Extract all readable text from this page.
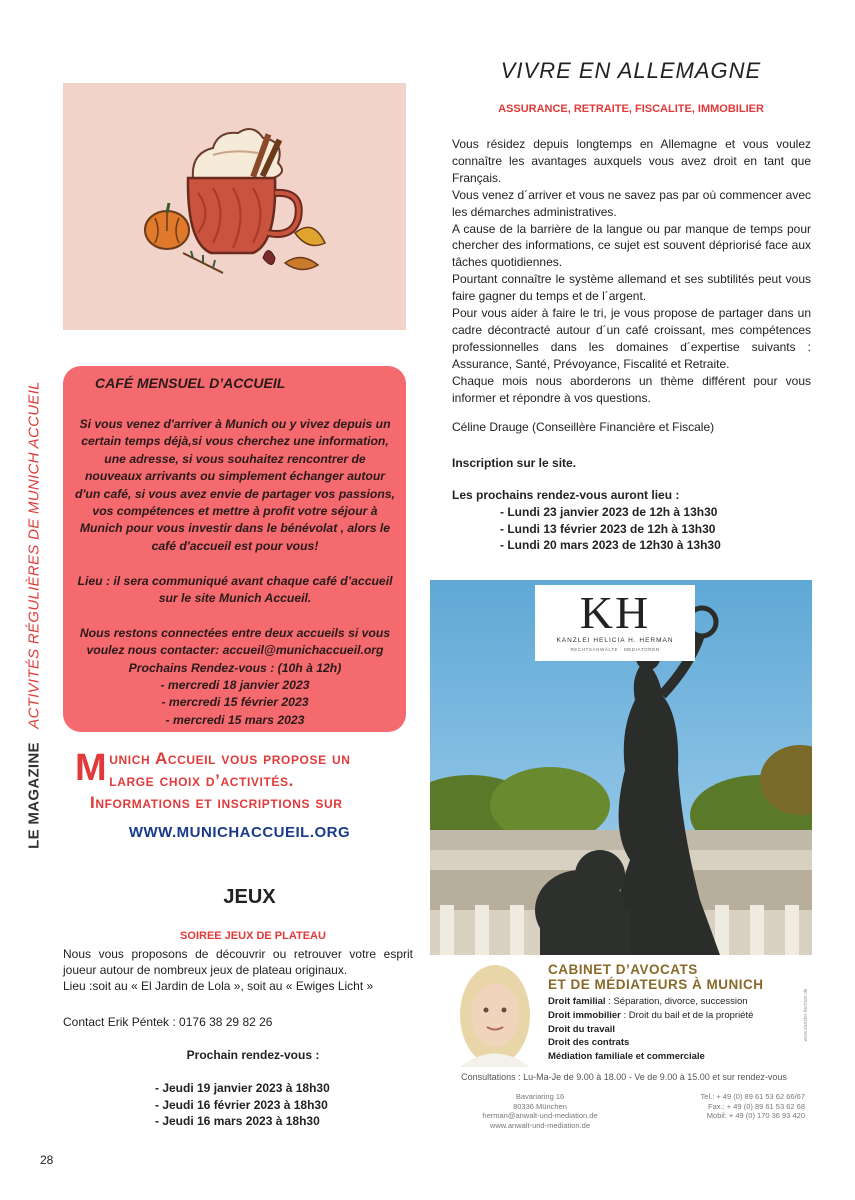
LE MAGAZINE   ACTIVITÉS RÉGULIÈRES DE MUNICH ACCUEIL	CAFÉ MENSUEL D’ACCUEIL

Si vous venez d'arriver à Munich ou y vivez depuis un

certain temps déjà,si vous cherchez une information,

une adresse, si vous souhaitez rencontrer de

nouveaux arrivants ou simplement échanger autour

d'un café, si vous avez envie de partager vos passions,

vos compétences et mettre à profit votre séjour à

Munich pour vous investir dans le bénévolat , alors le

café d'accueil est pour vous!

Lieu : il sera communiqué avant chaque café d’accueil

sur le site Munich Accueil.

Nous restons connectées entre deux accueils si vous

voulez nous contacter: accueil@munichaccueil.org

Prochains Rendez-vous : (10h à 12h)

- mercredi 18 janvier 2023

- mercredi 15 février 2023

- mercredi 15 mars 2023

M unich Accueil vous propose un
large choix d’activités.
Informations et inscriptions sur
WWW.MUNICHACCUEIL.ORG
JEUX
SOIREE JEUX DE PLATEAU
Nous vous proposons de découvrir ou retrouver votre esprit joueur autour de nombreux jeux de plateau originaux.
Lieu :soit au « El Jardin de Lola », soit au « Ewiges Licht »
Contact Erik Péntek : 0176 38 29 82 26
Prochain rendez-vous :
- Jeudi 19 janvier 2023 à 18h30
- Jeudi 16 février 2023 à 18h30
- Jeudi 16 mars 2023 à 18h30
28
VIVRE EN ALLEMAGNE
ASSURANCE, RETRAITE, FISCALITE, IMMOBILIER

Vous résidez depuis longtemps en Allemagne et vous voulez connaître les avantages auxquels vous avez droit en tant que Français.

Vous venez d´arriver et vous ne savez pas par où commencer avec les démarches administratives.

A cause de la barrière de la langue ou par manque de temps pour chercher des informations, ce sujet est souvent dépriorisé face aux tâches quotidiennes.

Pourtant connaître le système allemand et ses subtilités peut vous faire gagner du temps et de l´argent.

Pour vous aider à faire le tri, je vous propose de partager dans un cadre décontracté autour d´un café croissant, mes compétences professionnelles dans les domaines d´expertise suivants : Assurance, Santé, Prévoyance, Fiscalité et Retraite.

Chaque mois nous aborderons un thème différent pour vous informer et répondre à vos questions.

Céline Drauge (Conseillère Financière et Fiscale)
Inscription sur le site.
Les prochains rendez-vous auront lieu :
- Lundi 23 janvier 2023 de 12h à 13h30
- Lundi 13 février 2023 de 12h à 13h30
- Lundi 20 mars 2023 de 12h30 à 13h30
KH
KANZLEI HELICIA H. HERMAN
RECHTSANWÄLTE · MEDIATOREN
CABINET D’AVOCATS
ET DE MÉDIATEURS À MUNICH
Droit familial : Séparation, divorce, succession
Droit immobilier : Droit du bail et de la propriété
Droit du travail
Droit des contrats
Médiation familiale et commerciale
Consultations : Lu-Ma-Je de 9.00 à 18.00 - Ve de 9.00 à 15.00 et sur rendez-vous
Bavariaring 16
80336 München
herman@anwalt-und-mediation.de
www.anwalt-und-mediation.de
Tel.: + 49 (0) 89 61 53 62 66/67
Fax.: + 49 (0) 89 61 53 62 68
Mobil: + 49 (0) 170 36 93 420
www.kanzlei-herman.de
